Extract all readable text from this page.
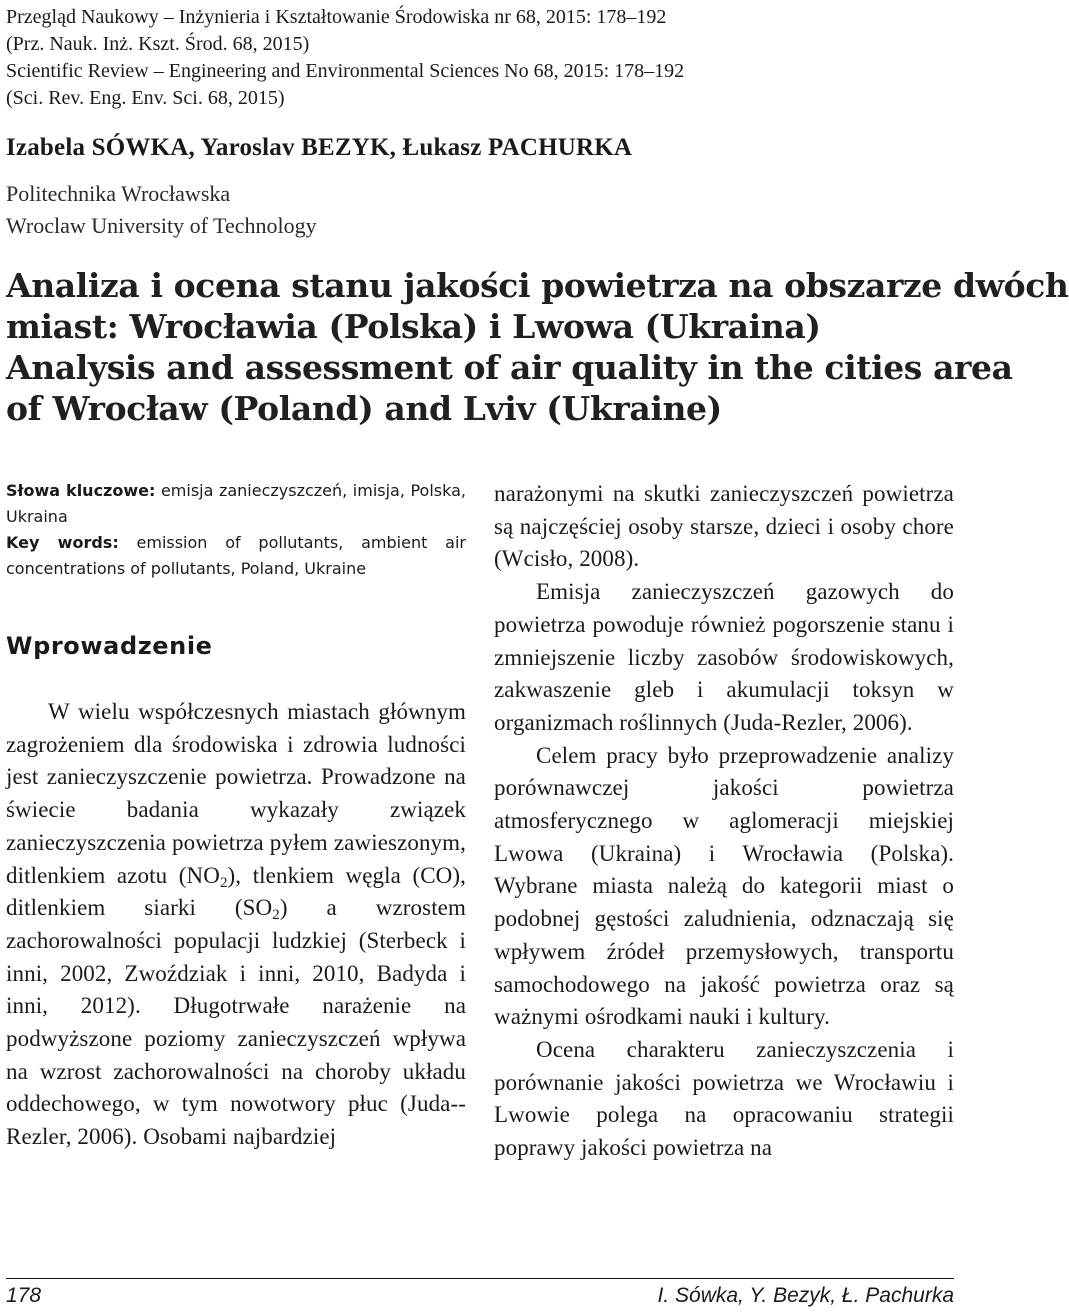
Przegląd Naukowy – Inżynieria i Kształtowanie Środowiska nr 68, 2015: 178–192
(Prz. Nauk. Inż. Kszt. Środ. 68, 2015)
Scientific Review – Engineering and Environmental Sciences No 68, 2015: 178–192
(Sci. Rev. Eng. Env. Sci. 68, 2015)
Izabela SÓWKA, Yaroslav BEZYK, Łukasz PACHURKA
Politechnika Wrocławska
Wroclaw University of Technology
Analiza i ocena stanu jakości powietrza na obszarze dwóch
miast: Wrocławia (Polska) i Lwowa (Ukraina)
Analysis and assessment of air quality in the cities area
of Wrocław (Poland) and Lviv (Ukraine)

Słowa kluczowe: emisja zanieczyszczeń, imisja, Polska, Ukraina

Key words: emission of pollutants, ambient air concentrations of pollutants, Poland, Ukraine

Wprowadzenie

W wielu współczesnych miastach głównym zagrożeniem dla środowiska i zdrowia ludności jest zanieczyszczenie powietrza. Prowadzone na świecie badania wykazały związek zanieczyszczenia powietrza pyłem zawieszonym, ditlenkiem azotu $(NO_2)$, tlenkiem węgla (CO), ditlenkiem siarki $(SO_2)$ a wzrostem zachorowalności populacji ludzkiej (Sterbeck i inni, 2002, Zwoździak i inni, 2010, Badyda i inni, 2012). Długotrwałe narażenie na podwyższone poziomy zanieczyszczeń wpływa na wzrost zachorowalności na choroby układu oddechowego, w tym nowotwory płuc (Juda--Rezler, 2006). Osobami najbardziej

narażonymi na skutki zanieczyszczeń powietrza są najczęściej osoby starsze, dzieci i osoby chore (Wcisło, 2008).

Emisja zanieczyszczeń gazowych do powietrza powoduje również pogorszenie stanu i zmniejszenie liczby zasobów środowiskowych, zakwaszenie gleb i akumulacji toksyn w organizmach roślinnych (Juda-Rezler, 2006).

Celem pracy było przeprowadzenie analizy porównawczej jakości powietrza atmosferycznego w aglomeracji miejskiej Lwowa (Ukraina) i Wrocławia (Polska). Wybrane miasta należą do kategorii miast o podobnej gęstości zaludnienia, odznaczają się wpływem źródeł przemysłowych, transportu samochodowego na jakość powietrza oraz są ważnymi ośrodkami nauki i kultury.

Ocena charakteru zanieczyszczenia i porównanie jakości powietrza we Wrocławiu i Lwowie polega na opracowaniu strategii poprawy jakości powietrza na

178	I. Sówka, Y. Bezyk, Ł. Pachurka
